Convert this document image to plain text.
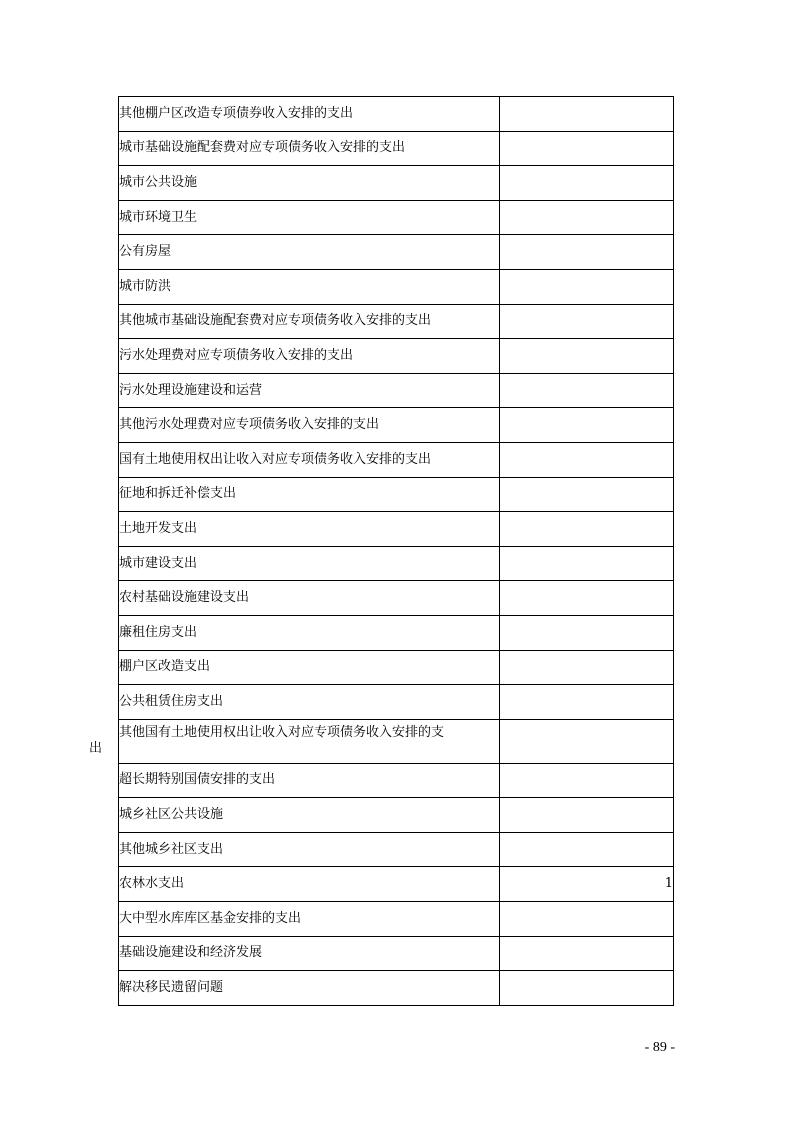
其他棚户区改造专项债券收入安排的支出	
城市基础设施配套费对应专项债务收入安排的支出	
城市公共设施	
城市环境卫生	
公有房屋	
城市防洪	
其他城市基础设施配套费对应专项债务收入安排的支出	
污水处理费对应专项债务收入安排的支出	
污水处理设施建设和运营	
其他污水处理费对应专项债务收入安排的支出	
国有土地使用权出让收入对应专项债务收入安排的支出	
征地和拆迁补偿支出	
土地开发支出	
城市建设支出	
农村基础设施建设支出	
廉租住房支出	
棚户区改造支出	
公共租赁住房支出	
其他国有土地使用权出让收入对应专项债务收入安排的支
出	

超长期特别国债安排的支出	
城乡社区公共设施	
其他城乡社区支出	
农林水支出	1
大中型水库库区基金安排的支出	
基础设施建设和经济发展	
解决移民遗留问题	
- 89 -
